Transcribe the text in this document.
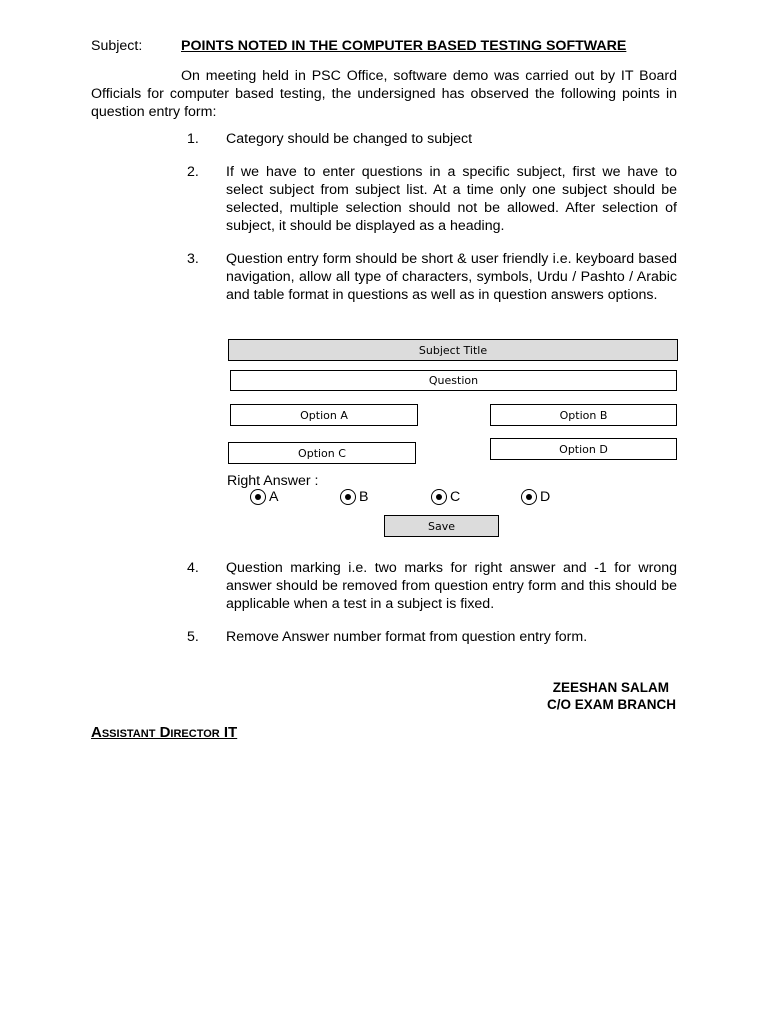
Subject:	POINTS NOTED IN THE COMPUTER BASED TESTING SOFTWARE
On meeting held in PSC Office, software demo was carried out by IT Board Officials for computer based testing, the undersigned has observed the following points in question entry form:
1. Category should be changed to subject
2. If we have to enter questions in a specific subject, first we have to select subject from subject list. At a time only one subject should be selected, multiple selection should not be allowed. After selection of subject, it should be displayed as a heading.
3. Question entry form should be short & user friendly i.e. keyboard based navigation, allow all type of characters, symbols, Urdu / Pashto / Arabic and table format in questions as well as in question answers options.
Subject Title
Question
Option A	Option B
Option C	Option D
Right Answer :
A	B	C	D
Save
4. Question marking i.e. two marks for right answer and -1 for wrong answer should be removed from question entry form and this should be applicable when a test in a subject is fixed.
5. Remove Answer number format from question entry form.
ZEESHAN SALAM
C/O EXAM BRANCH
Assistant Director IT
